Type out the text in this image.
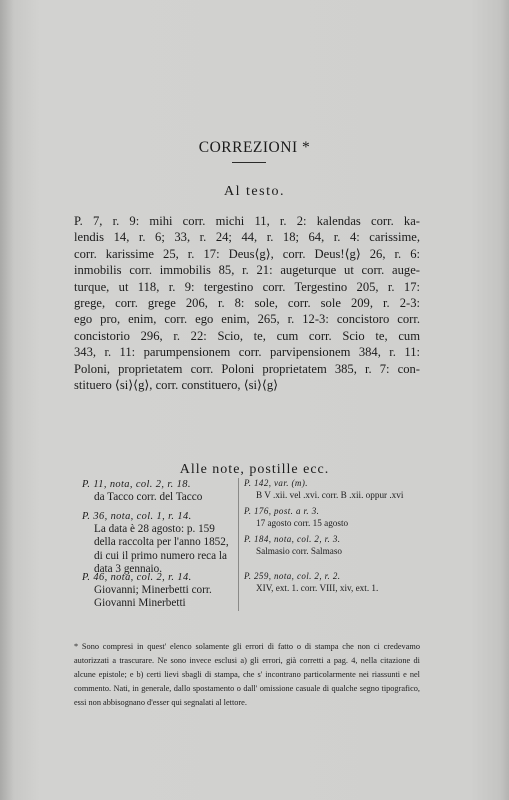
CORREZIONI *
Al testo.
P. 7, r. 9: mihi corr. michi 11, r. 2: kalendas corr. ka-
lendis 14, r. 6; 33, r. 24; 44, r. 18; 64, r. 4: carissime,
corr. karissime 25, r. 17: Deus⟨g⟩, corr. Deus!⟨g⟩ 26, r. 6:
inmobilis corr. immobilis 85, r. 21: augeturque ut corr. auge-
turque, ut 118, r. 9: tergestino corr. Tergestino 205, r. 17:
grege, corr. grege 206, r. 8: sole, corr. sole 209, r. 2-3:
ego pro, enim, corr. ego enim, 265, r. 12-3: concistoro corr.
concistorio 296, r. 22: Scio, te, cum corr. Scio te, cum
343, r. 11: parumpensionem corr. parvipensionem 384, r. 11:
Poloni, proprietatem corr. Poloni proprietatem 385, r. 7: con-
stituero ⟨si⟩⟨g⟩, corr. constituero, ⟨si⟩⟨g⟩
Alle note, postille ecc.
P. 11, nota, col. 2, r. 18.
da Tacco corr. del Tacco
P. 36, nota, col. 1, r. 14.
La data è 28 agosto: p. 159 della raccolta per l'anno 1852, di cui il primo numero reca la data 3 gennaio.
P. 46, nota, col. 2, r. 14.
Giovanni; Minerbetti corr. Giovanni Minerbetti
P. 142, var. (m).
B V .xii. vel .xvi. corr. B .xii. oppur .xvi
P. 176, post. a r. 3.
17 agosto corr. 15 agosto
P. 184, nota, col. 2, r. 3.
Salmasio corr. Salmaso
P. 259, nota, col. 2, r. 2.
XIV, ext. 1. corr. VIII, xiv, ext. 1.
* Sono compresi in quest' elenco solamente gli errori di fatto o di stampa che non ci credevamo autorizzati a trascurare. Ne sono invece esclusi a) gli errori, già corretti a pag. 4, nella citazione di alcune epistole; e b) certi lievi sbagli di stampa, che s' incontrano particolarmente nei riassunti e nel commento. Nati, in generale, dallo spostamento o dall' omissione casuale di qualche segno tipografico, essi non abbisognano d'esser qui segnalati al lettore.
